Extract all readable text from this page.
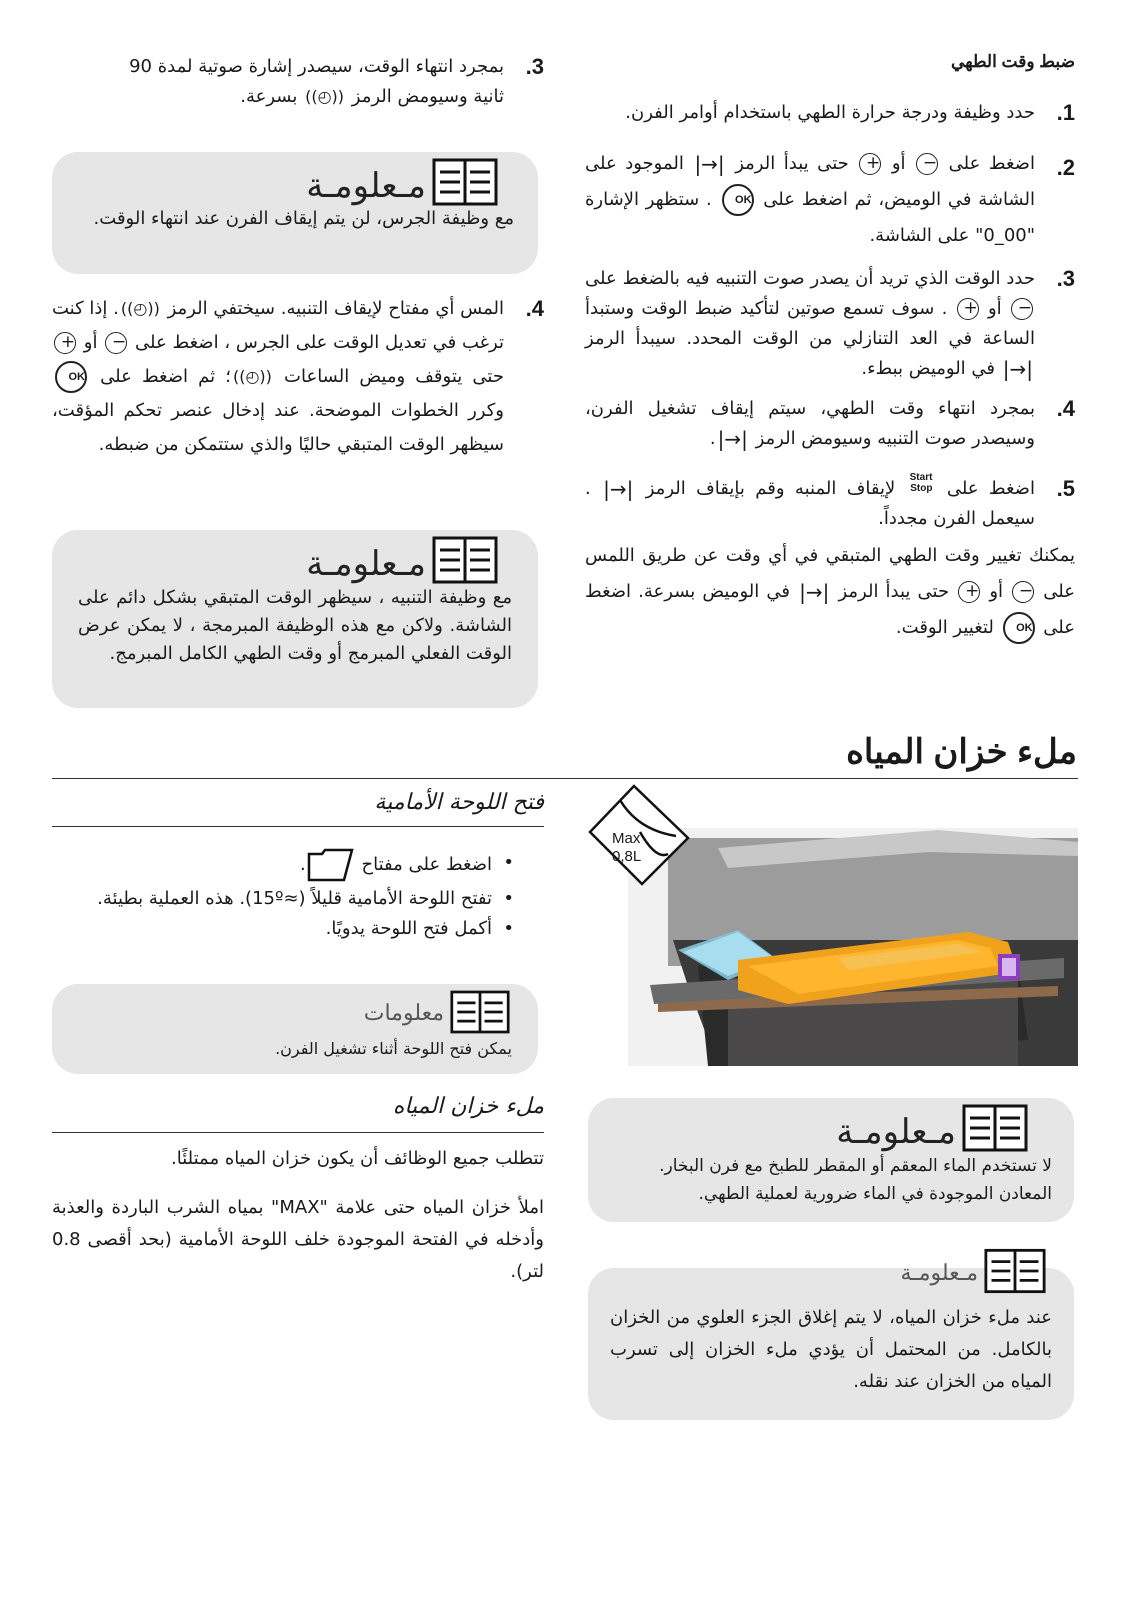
ضبط وقت الطهي
.1
حدد وظيفة ودرجة حرارة الطهي باستخدام أوامر الفرن.
.2
اضغط على − أو + حتى يبدأ الرمز |→| الموجود على الشاشة في الوميض، ثم اضغط على OK . ستظهر الإشارة "00_0" على الشاشة.
.3
حدد الوقت الذي تريد أن يصدر صوت التنبيه فيه بالضغط على − أو + . سوف تسمع صوتين لتأكيد ضبط الوقت وستبدأ الساعة في العد التنازلي من الوقت المحدد. سيبدأ الرمز |→| في الوميض ببطء.
.4
بمجرد انتهاء وقت الطهي، سيتم إيقاف تشغيل الفرن، وسيصدر صوت التنبيه وسيومض الرمز |→|.
.5
اضغط على Start
Stop لإيقاف المنبه وقم بإيقاف الرمز |→| . سيعمل الفرن مجدداً.
يمكنك تغيير وقت الطهي المتبقي في أي وقت عن طريق اللمس على − أو + حتى يبدأ الرمز |→| في الوميض بسرعة. اضغط على OK لتغيير الوقت.
.3
بمجرد انتهاء الوقت، سيصدر إشارة صوتية لمدة 90
ثانية وسيومض الرمز ((◴)) بسرعة.
مـعلومـة
مع وظيفة الجرس، لن يتم إيقاف الفرن عند انتهاء الوقت.
.4
المس أي مفتاح لإيقاف التنبيه. سيختفي الرمز ((◴)). إذا كنت ترغب في تعديل الوقت على الجرس ، اضغط على − أو + حتى يتوقف وميض الساعات ((◴))؛ ثم اضغط على OK وكرر الخطوات الموضحة. عند إدخال عنصر تحكم المؤقت، سيظهر الوقت المتبقي حاليًا والذي ستتمكن من ضبطه.
مـعلومـة
مع وظيفة التنبيه ، سيظهر الوقت المتبقي بشكل دائم على الشاشة. ولاكن مع هذه الوظيفة المبرمجة ، لا يمكن عرض الوقت الفعلي المبرمج أو وقت الطهي الكامل المبرمج.
ملء خزان المياه
فتح اللوحة الأمامية
• اضغط على مفتاح .
• تفتح اللوحة الأمامية قليلاً (≈15º). هذه العملية بطيئة.
• أكمل فتح اللوحة يدويًا.
معلومات
يمكن فتح اللوحة أثناء تشغيل الفرن.
ملء خزان المياه
تتطلب جميع الوظائف أن يكون خزان المياه ممتلئًا.
املأ خزان المياه حتى علامة "MAX" بمياه الشرب الباردة والعذبة وأدخله في الفتحة الموجودة خلف اللوحة الأمامية (بحد أقصى 0.8 لتر).
Max
0,8L
مـعلومـة
لا تستخدم الماء المعقم أو المقطر للطبخ مع فرن البخار. المعادن الموجودة في الماء ضرورية لعملية الطهي.
مـعلومـة
عند ملء خزان المياه، لا يتم إغلاق الجزء العلوي من الخزان بالكامل. من المحتمل أن يؤدي ملء الخزان إلى تسرب المياه من الخزان عند نقله.
